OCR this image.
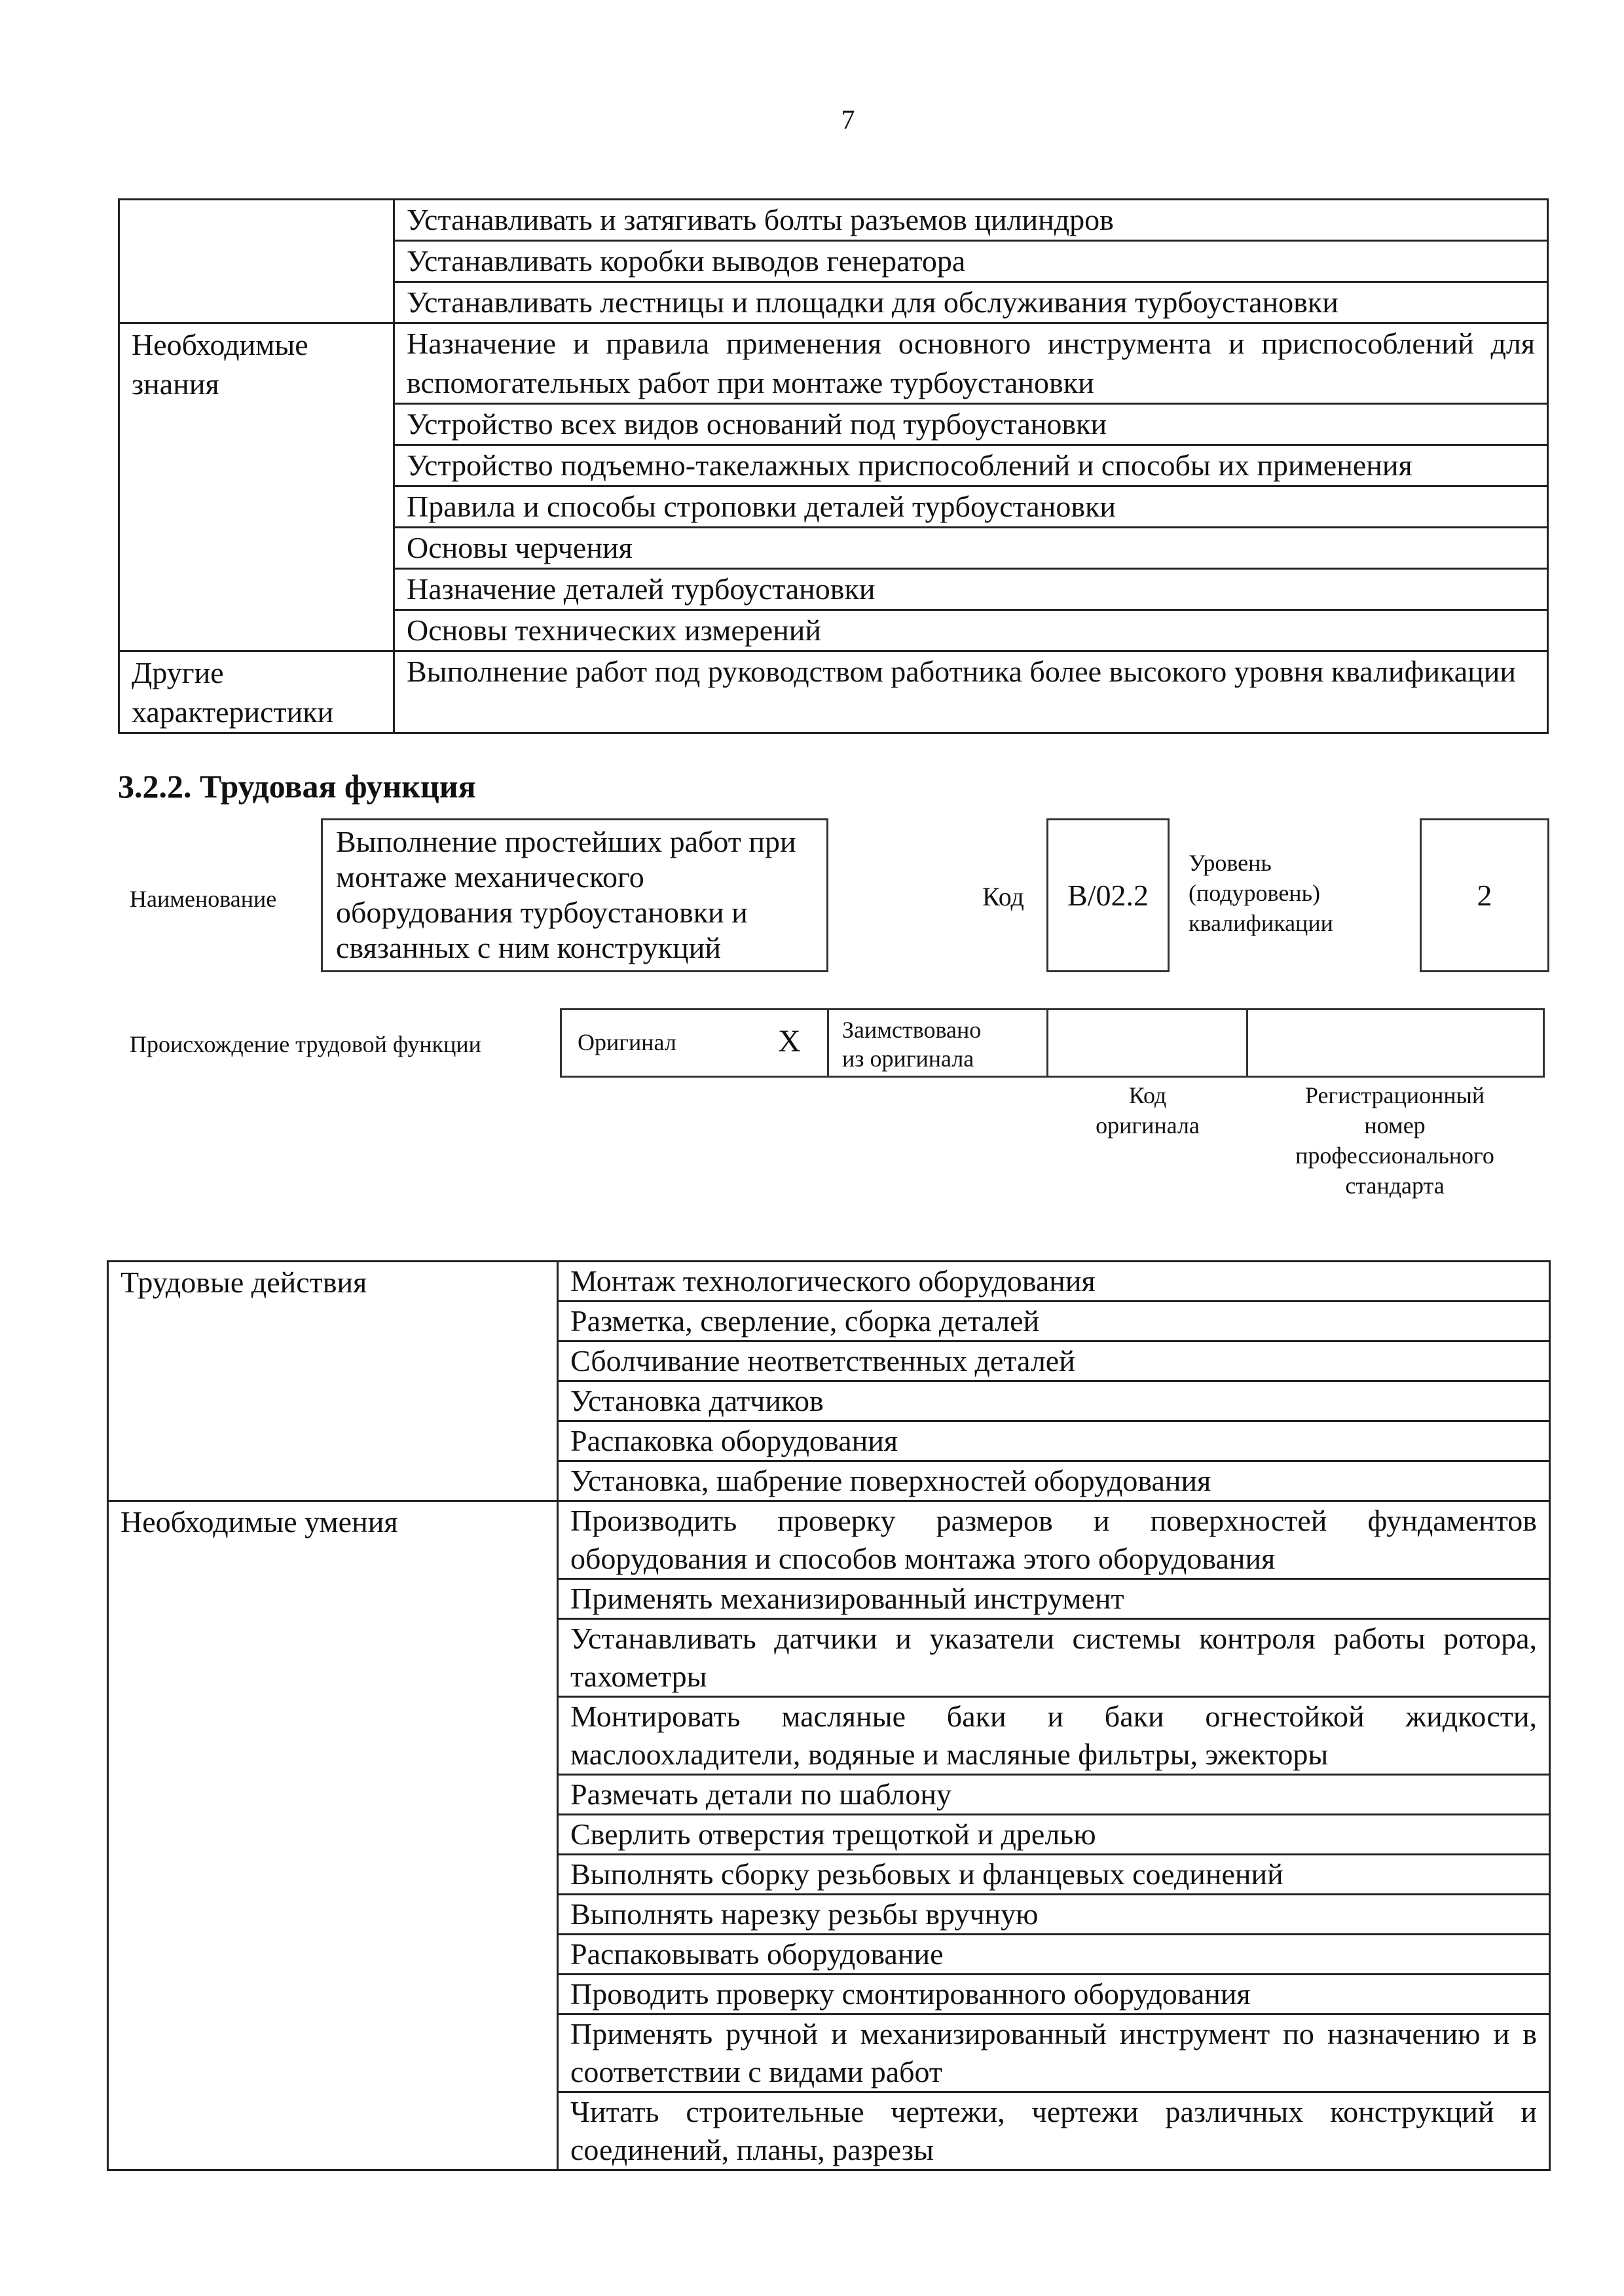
7
	Устанавливать и затягивать болты разъемов цилиндров
	Устанавливать коробки выводов генератора
	Устанавливать лестницы и площадки для обслуживания турбоустановки
Необходимые знания	Назначение и правила применения основного инструмента и приспособлений для вспомогательных работ при монтаже турбоустановки
	Устройство всех видов оснований под турбоустановки
	Устройство подъемно-такелажных приспособлений и способы их применения
	Правила и способы строповки деталей турбоустановки
	Основы черчения
	Назначение деталей турбоустановки
	Основы технических измерений
Другие характеристики	Выполнение работ под руководством работника более высокого уровня квалификации
3.2.2. Трудовая функция
Наименование
Выполнение простейших работ при монтаже механического оборудования турбоустановки и связанных с ним конструкций
Код B/02.2
Уровень
(подуровень)
квалификации
2
Происхождение трудовой функции	Оригинал	X Заимствовано
из оригинала
Код
оригинала
Регистрационный
номер
профессионального
стандарта
Трудовые действия	Монтаж технологического оборудования
	Разметка, сверление, сборка деталей
	Сболчивание неответственных деталей
	Установка датчиков
	Распаковка оборудования
	Установка, шабрение поверхностей оборудования
Необходимые умения	Производить проверку размеров и поверхностей фундаментов оборудования и способов монтажа этого оборудования
	Применять механизированный инструмент
	Устанавливать датчики и указатели системы контроля работы ротора, тахометры
	Монтировать масляные баки и баки огнестойкой жидкости, маслоохладители, водяные и масляные фильтры, эжекторы
	Размечать детали по шаблону
	Сверлить отверстия трещоткой и дрелью
	Выполнять сборку резьбовых и фланцевых соединений
	Выполнять нарезку резьбы вручную
	Распаковывать оборудование
	Проводить проверку смонтированного оборудования
	Применять ручной и механизированный инструмент по назначению и в соответствии с видами работ
	Читать строительные чертежи, чертежи различных конструкций и соединений, планы, разрезы
